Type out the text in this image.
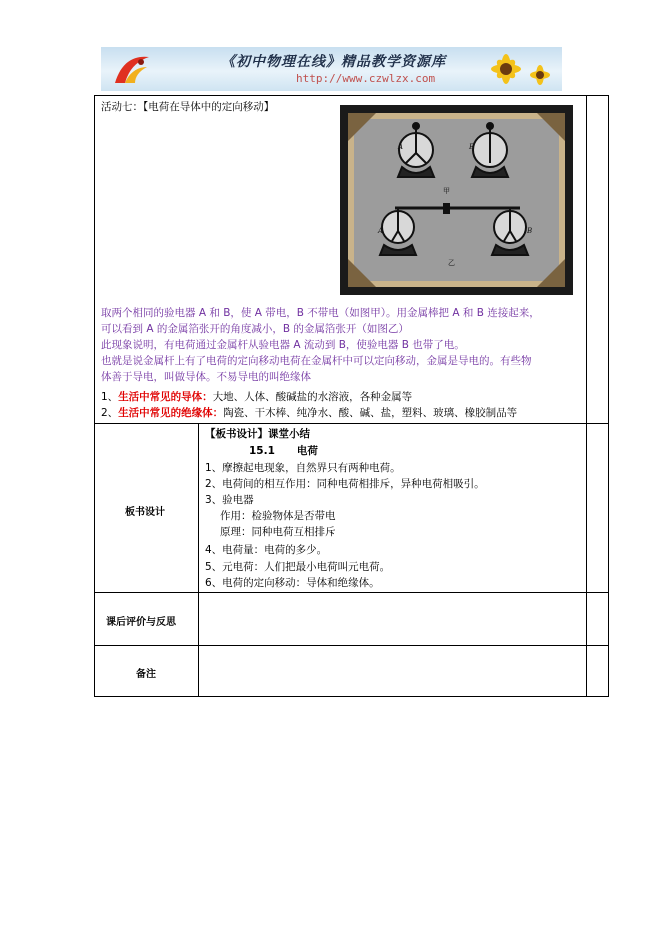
《初中物理在线》精品教学资源库
http://www.czwlzx.com
活动七：【电荷在导体中的定向移动】
A	B
甲
A	B
乙
取两个相同的验电器 A 和 B，使 A 带电，B 不带电（如图甲）。用金属棒把 A 和 B 连接起来，
可以看到 A 的金属箔张开的角度减小，B 的金属箔张开（如图乙）
此现象说明，有电荷通过金属杆从验电器 A 流动到 B，使验电器 B 也带了电。
也就是说金属杆上有了电荷的定向移动电荷在金属杆中可以定向移动，金属是导电的。有些物
体善于导电，叫做导体。不易导电的叫绝缘体
1、生活中常见的导体：大地、人体、酸碱盐的水溶液，各种金属等
2、生活中常见的绝缘体：陶瓷、干木棒、纯净水、酸、碱、盐，塑料、玻璃、橡胶制品等
板书设计
【板书设计】课堂小结
15.1      电荷
1、摩擦起电现象，自然界只有两种电荷。
2、电荷间的相互作用：同种电荷相排斥，异种电荷相吸引。
3、验电器
作用：检验物体是否带电
原理：同种电荷互相排斥
4、电荷量：电荷的多少。
5、元电荷：人们把最小电荷叫元电荷。
6、电荷的定向移动：导体和绝缘体。
课后评价与反思
备注
